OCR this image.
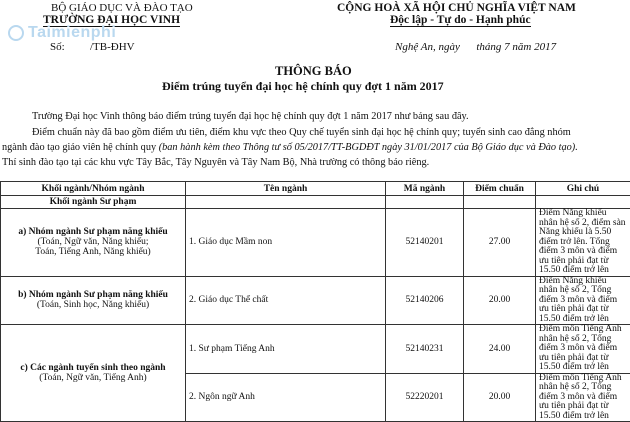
BỘ GIÁO DỤC VÀ ĐÀO TẠO
TRƯỜNG ĐẠI HỌC VINH
Số: /TB-ĐHV
Taimienphi
CỘNG HOÀ XÃ HỘI CHỦ NGHĨA VIỆT NAM
Độc lập - Tự do - Hạnh phúc
Nghệ An, ngày      tháng 7 năm 2017
THÔNG BÁO
Điểm trúng tuyển đại học hệ chính quy đợt 1 năm 2017
Trường Đại học Vinh thông báo điểm trúng tuyển đại học hệ chính quy đợt 1 năm 2017 như bảng sau đây.
Điểm chuẩn này đã bao gồm điểm ưu tiên, điểm khu vực theo Quy chế tuyển sinh đại học hệ chính quy; tuyển sinh cao đẳng nhóm
ngành đào tạo giáo viên hệ chính quy (ban hành kèm theo Thông tư số 05/2017/TT-BGDĐT ngày 31/01/2017 của Bộ Giáo dục và Đào tạo).
Thí sinh đào tạo tại các khu vực Tây Bắc, Tây Nguyên và Tây Nam Bộ, Nhà trường có thông báo riêng.
Khối ngành/Nhóm ngành	Tên ngành	Mã ngành	Điểm chuẩn	Ghi chú
Khối ngành Sư phạm				

a) Nhóm ngành Sư phạm năng khiếu
(Toán, Ngữ văn, Năng khiếu;
Toán, Tiếng Anh, Năng khiếu)	1. Giáo dục Mầm non	52140201	27.00	Điểm Năng khiếu nhân hệ số 2, điểm sàn Năng khiếu là 5.50 điểm trở lên. Tổng điểm 3 môn và điểm ưu tiên phải đạt từ 15.50 điểm trở lên

b) Nhóm ngành Sư phạm năng khiếu
(Toán, Sinh học, Năng khiếu)	2. Giáo dục Thể chất	52140206	20.00	Điểm Năng khiếu nhân hệ số 2, Tổng điểm 3 môn và điểm ưu tiên phải đạt từ 15.50 điểm trở lên

c) Các ngành tuyển sinh theo ngành
(Toán, Ngữ văn, Tiếng Anh)	1. Sư phạm Tiếng Anh	52140231	24.00	Điểm môn Tiếng Anh nhân hệ số 2, Tổng điểm 3 môn và điểm ưu tiên phải đạt từ 15.50 điểm trở lên
	2. Ngôn ngữ Anh	52220201	20.00	Điểm môn Tiếng Anh nhân hệ số 2, Tổng điểm 3 môn và điểm ưu tiên phải đạt từ 15.50 điểm trở lên
